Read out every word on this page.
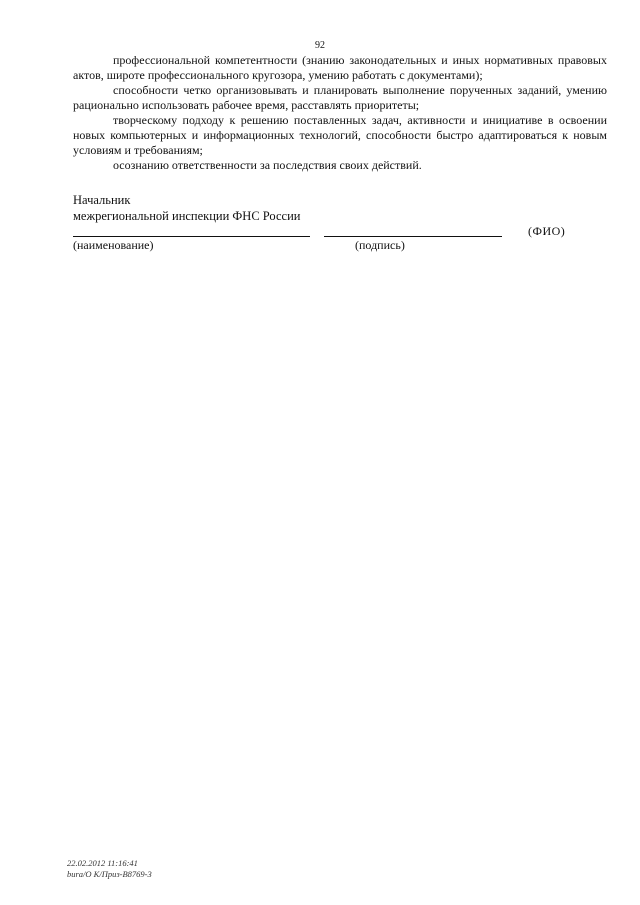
92

профессиональной компетентности (знанию законодательных и иных нормативных правовых актов, широте профессионального кругозора, умению работать с документами);

способности четко организовывать и планировать выполнение порученных заданий, умению рационально использовать рабочее время, расставлять приоритеты;

творческому подходу к решению поставленных задач, активности и инициативе в освоении новых компьютерных и информационных технологий, способности быстро адаптироваться к новым условиям и требованиям;

осознанию ответственности за последствия своих действий.

Начальник

межрегиональной инспекции ФНС России

(ФИО)
(наименование)	(подпись)
22.02.2012 11:16:41
bura/О К/Приз-В8769-3
